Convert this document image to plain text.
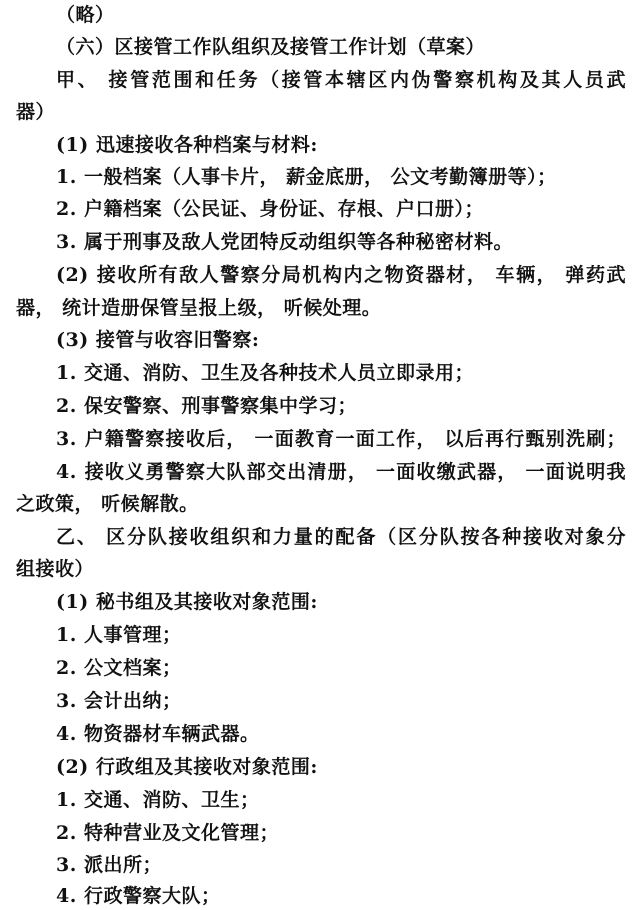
（略）
（六）区接管工作队组织及接管工作计划（草案）
甲、 接管范围和任务（接管本辖区内伪警察机构及其人员武
器）
(1) 迅速接收各种档案与材料:
1. 一般档案（人事卡片， 薪金底册， 公文考勤簿册等）；
2. 户籍档案（公民证、身份证、存根、户口册）；
3. 属于刑事及敌人党团特反动组织等各种秘密材料。
(2) 接收所有敌人警察分局机构内之物资器材， 车辆， 弹药武
器， 统计造册保管呈报上级， 听候处理。
(3) 接管与收容旧警察:
1. 交通、消防、卫生及各种技术人员立即录用；
2. 保安警察、刑事警察集中学习；
3. 户籍警察接收后， 一面教育一面工作， 以后再行甄别洗刷；
4. 接收义勇警察大队部交出清册， 一面收缴武器， 一面说明我
之政策， 听候解散。
乙、 区分队接收组织和力量的配备（区分队按各种接收对象分
组接收）
(1) 秘书组及其接收对象范围:
1. 人事管理；
2. 公文档案；
3. 会计出纳；
4. 物资器材车辆武器。
(2) 行政组及其接收对象范围:
1. 交通、消防、卫生；
2. 特种营业及文化管理；
3. 派出所；
4. 行政警察大队；
